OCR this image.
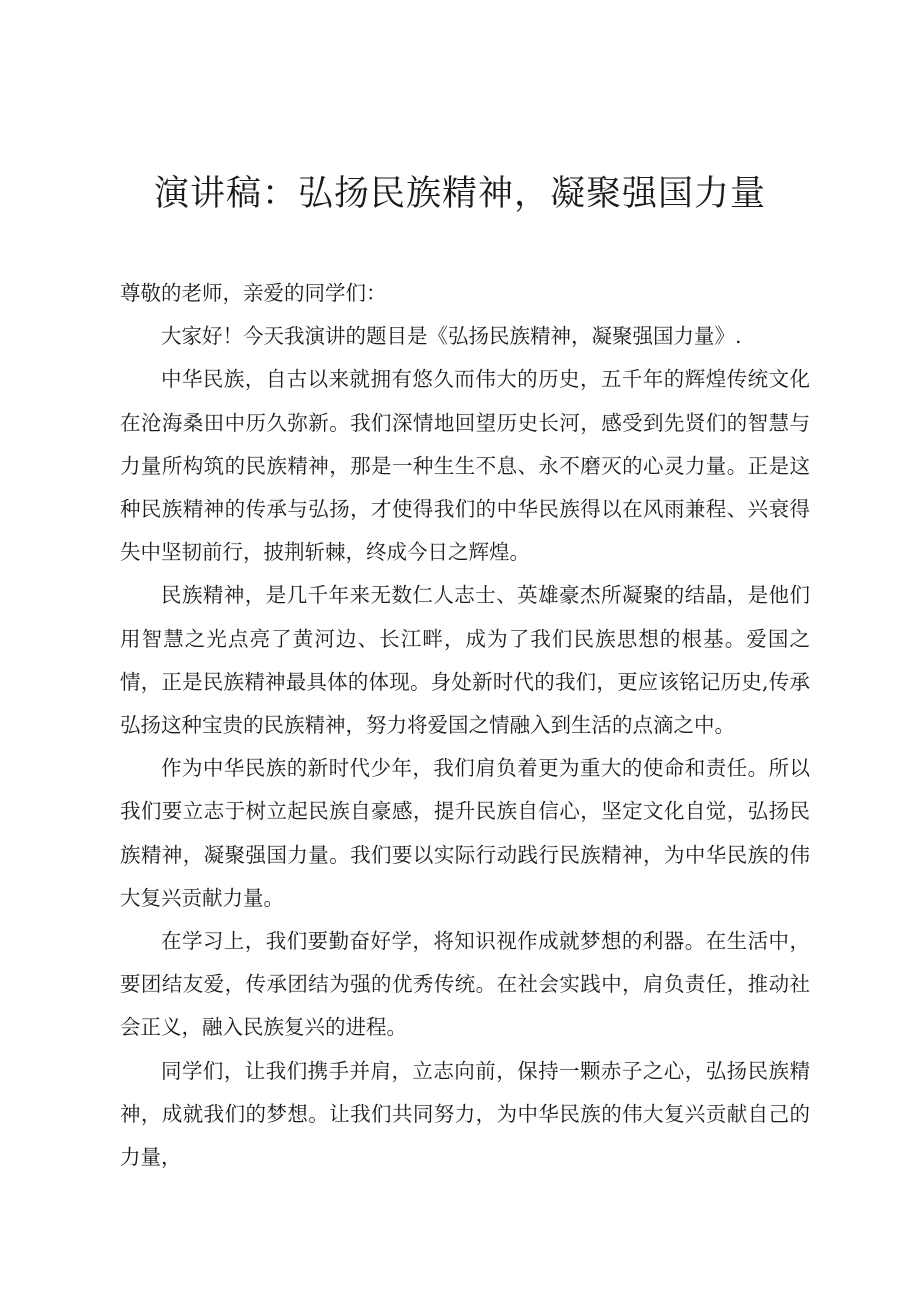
演讲稿：弘扬民族精神，凝聚强国力量

尊敬的老师，亲爱的同学们：

大家好！今天我演讲的题目是《弘扬民族精神，凝聚强国力量》.

中华民族，自古以来就拥有悠久而伟大的历史，五千年的辉煌传统文化在沧海桑田中历久弥新。我们深情地回望历史长河，感受到先贤们的智慧与力量所构筑的民族精神，那是一种生生不息、永不磨灭的心灵力量。正是这种民族精神的传承与弘扬，才使得我们的中华民族得以在风雨兼程、兴衰得失中坚韧前行，披荆斩棘，终成今日之辉煌。

民族精神，是几千年来无数仁人志士、英雄豪杰所凝聚的结晶，是他们用智慧之光点亮了黄河边、长江畔，成为了我们民族思想的根基。爱国之情，正是民族精神最具体的体现。身处新时代的我们，更应该铭记历史,传承弘扬这种宝贵的民族精神，努力将爱国之情融入到生活的点滴之中。

作为中华民族的新时代少年，我们肩负着更为重大的使命和责任。所以我们要立志于树立起民族自豪感，提升民族自信心，坚定文化自觉，弘扬民族精神，凝聚强国力量。我们要以实际行动践行民族精神，为中华民族的伟大复兴贡献力量。

在学习上，我们要勤奋好学，将知识视作成就梦想的利器。在生活中，要团结友爱，传承团结为强的优秀传统。在社会实践中，肩负责任，推动社会正义，融入民族复兴的进程。

同学们，让我们携手并肩，立志向前，保持一颗赤子之心，弘扬民族精神，成就我们的梦想。让我们共同努力，为中华民族的伟大复兴贡献自己的力量，
